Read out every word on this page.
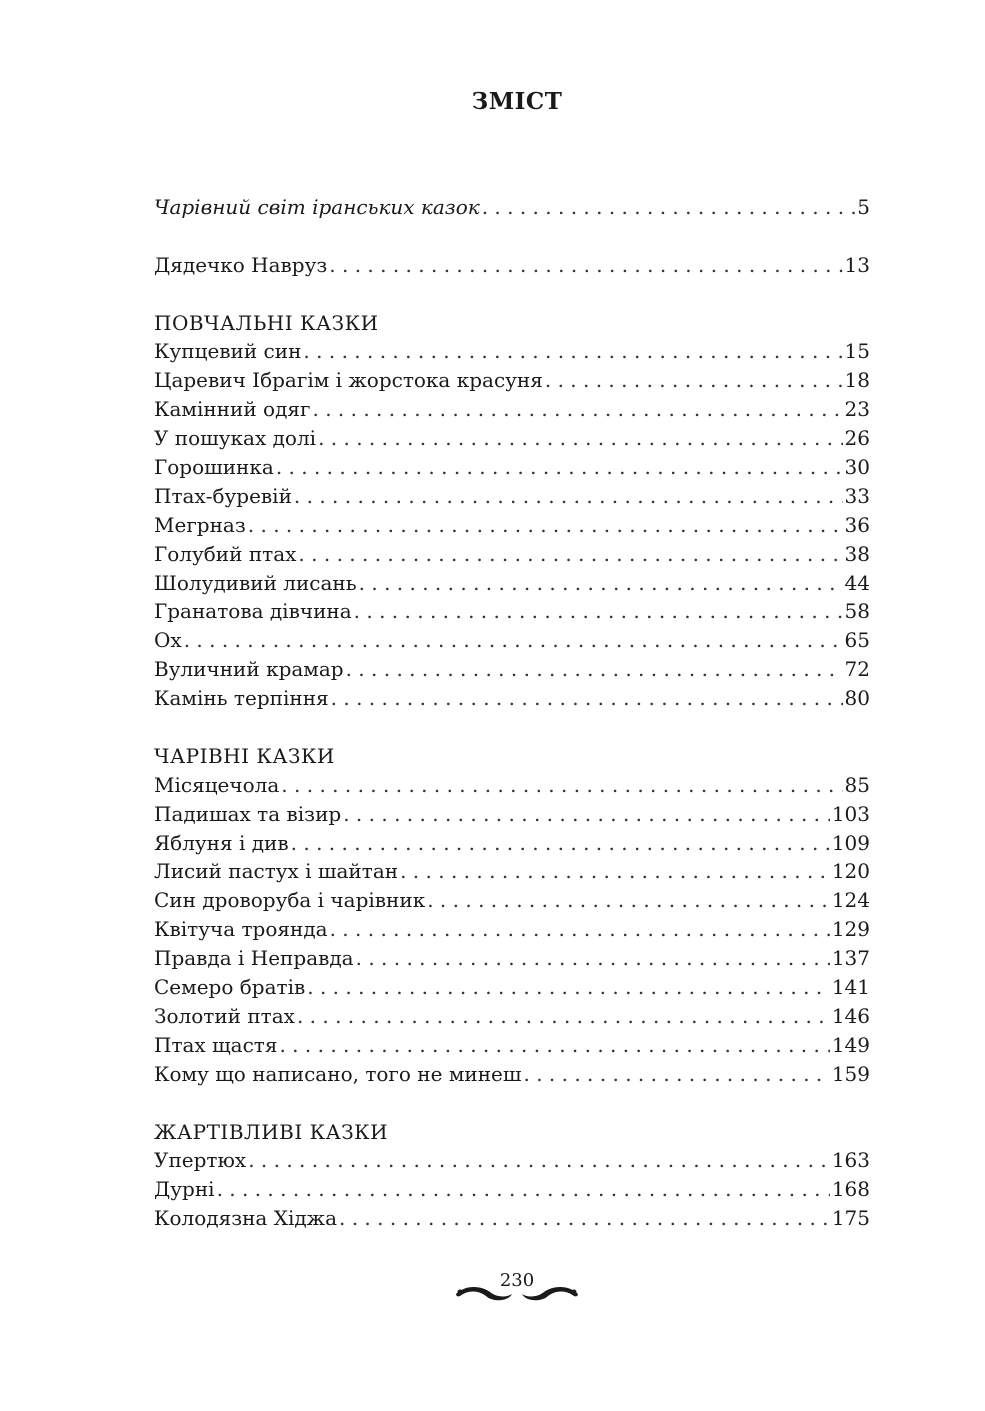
ЗМІСТ
Чарівний світ іранських казок . . .	5
Дядечко Навруз . . .	13
ПОВЧАЛЬНІ КАЗКИ
Купцевий син . . .	15
Царевич Ібрагім і жорстока красуня . . .	18
Камінний одяг . . .	23
У пошуках долі . . .	26
Горошинка . . .	30
Птах-буревій . . .	33
Мегрназ . . .	36
Голубий птах . . .	38
Шолудивий лисань . . .	44
Гранатова дівчина . . .	58
Ох . . .	65
Вуличний крамар . . .	72
Камінь терпіння . . .	80
ЧАРІВНІ КАЗКИ
Місяцечола . . .	85
Падишах та візир . . .	103
Яблуня і див . . .	109
Лисий пастух і шайтан . . .	120
Син дроворуба і чарівник . . .	124
Квітуча троянда . . .	129
Правда і Неправда . . .	137
Семеро братів . . .	141
Золотий птах . . .	146
Птах щастя . . .	149
Кому що написано, того не минеш . . .	159
ЖАРТІВЛИВІ КАЗКИ
Упертюх . . .	163
Дурні . . .	168
Колодязна Хіджа . . .	175
230
